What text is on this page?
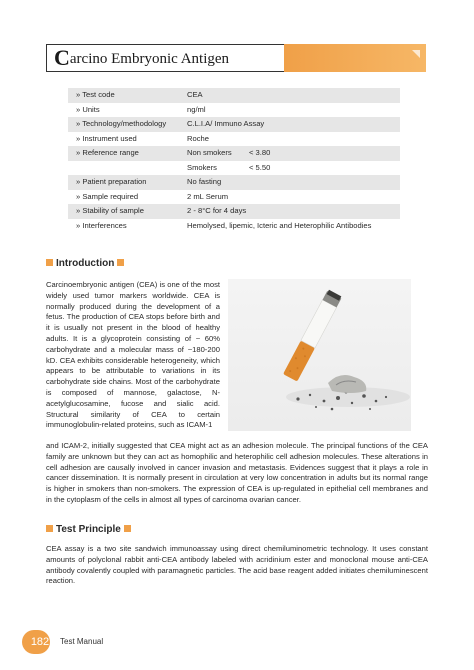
Carcino Embryonic Antigen
» Test code	CEA
» Units	ng/ml
» Technology/methodology	C.L.I.A/ Immuno Assay
» Instrument used	Roche
» Reference range	Non smokers < 3.80
Smokers	< 5.50
» Patient preparation	No fasting
» Sample required	2 mL Serum
» Stability of sample	2 - 8°C for 4 days
» Interferences	Hemolysed, lipemic, Icteric and Heterophilic Antibodies
Introduction
Carcinoembryonic antigen (CEA) is one of the most widely used tumor markers worldwide. CEA is normally produced during the development of a fetus. The production of CEA stops before birth and it is usually not present in the blood of healthy adults. It is a glycoprotein consisting of ~ 60% carbohydrate and a molecular mass of ~180-200 kD. CEA exhibits considerable heterogeneity, which appears to be attributable to variations in its carbohydrate side chains. Most of the carbohydrate is composed of mannose, galactose, N-acetylglucosamine, fucose and sialic acid. Structural similarity of CEA to certain immunoglobulin-related proteins, such as ICAM-1
and ICAM-2, initially suggested that CEA might act as an adhesion molecule. The principal functions of the CEA family are unknown but they can act as homophilic and heterophilic cell adhesion molecules. These alterations in cell adhesion are causally involved in cancer invasion and metastasis. Evidences suggest that it plays a role in cancer dissemination. It is normally present in circulation at very low concentration in adults but its normal range is higher in smokers than non-smokers. The expression of CEA is up-regulated in epithelial cell membranes and in the cytoplasm of the cells in almost all types of carcinoma ovarian cancer.
Test Principle
CEA assay is a two site sandwich immunoassay using direct chemiluminometric technology. It uses constant amounts of polyclonal rabbit anti-CEA antibody labeled with acridinium ester and monoclonal mouse anti-CEA antibody covalently coupled with paramagnetic particles. The acid base reagent added initiates chemiluminescent reaction.
182	Test Manual
